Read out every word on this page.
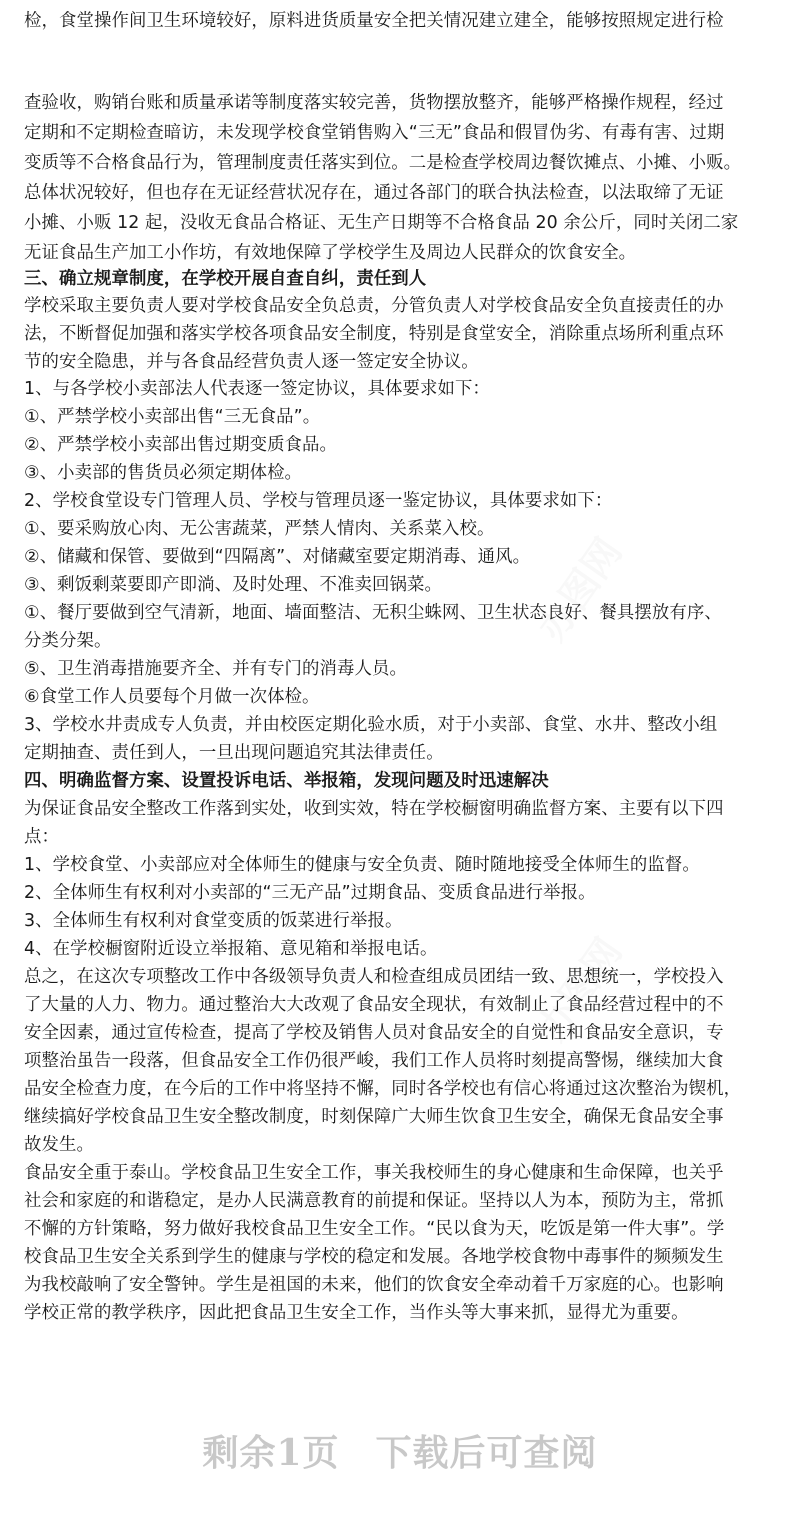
办图网
办图网
检，食堂操作间卫生环境较好，原料进货质量安全把关情况建立建全，能够按照规定进行检
查验收，购销台账和质量承诺等制度落实较完善，货物摆放整齐，能够严格操作规程，经过
定期和不定期检查暗访，未发现学校食堂销售购入“三无”食品和假冒伪劣、有毒有害、过期
变质等不合格食品行为，管理制度责任落实到位。二是检查学校周边餐饮摊点、小摊、小贩。
总体状况较好，但也存在无证经营状况存在，通过各部门的联合执法检查，以法取缔了无证
小摊、小贩 12 起，没收无食品合格证、无生产日期等不合格食品 20 余公斤，同时关闭二家
无证食品生产加工小作坊，有效地保障了学校学生及周边人民群众的饮食安全。
三、确立规章制度，在学校开展自查自纠，责任到人
学校采取主要负责人要对学校食品安全负总责，分管负责人对学校食品安全负直接责任的办
法，不断督促加强和落实学校各项食品安全制度，特别是食堂安全，消除重点场所利重点环
节的安全隐患，并与各食品经营负责人逐一签定安全协议。
1、与各学校小卖部法人代表逐一签定协议，具体要求如下：
①、严禁学校小卖部出售“三无食品”。
②、严禁学校小卖部出售过期变质食品。
③、小卖部的售货员必须定期体检。
2、学校食堂设专门管理人员、学校与管理员逐一鉴定协议，具体要求如下：
①、要采购放心肉、无公害蔬菜，严禁人情肉、关系菜入校。
②、储藏和保管、要做到“四隔离”、对储藏室要定期消毒、通风。
③、剩饭剩菜要即产即淌、及时处理、不准卖回锅菜。
①、餐厅要做到空气清新，地面、墙面整洁、无积尘蛛网、卫生状态良好、餐具摆放有序、
分类分架。
⑤、卫生消毒措施要齐全、并有专门的消毒人员。
⑥食堂工作人员要每个月做一次体检。
3、学校水井责成专人负责，并由校医定期化验水质，对于小卖部、食堂、水井、整改小组
定期抽查、责任到人，一旦出现问题追究其法律责任。
四、明确监督方案、设置投诉电话、举报箱，发现问题及时迅速解决
为保证食品安全整改工作落到实处，收到实效，特在学校橱窗明确监督方案、主要有以下四
点：
1、学校食堂、小卖部应对全体师生的健康与安全负责、随时随地接受全体师生的监督。
2、全体师生有权利对小卖部的“三无产品”过期食品、变质食品进行举报。
3、全体师生有权利对食堂变质的饭菜进行举报。
4、在学校橱窗附近设立举报箱、意见箱和举报电话。
总之，在这次专项整改工作中各级领导负责人和检查组成员团结一致、思想统一，学校投入
了大量的人力、物力。通过整治大大改观了食品安全现状，有效制止了食品经营过程中的不
安全因素，通过宣传检查，提高了学校及销售人员对食品安全的自觉性和食品安全意识，专
项整治虽告一段落，但食品安全工作仍很严峻，我们工作人员将时刻提高警惕，继续加大食
品安全检查力度，在今后的工作中将坚持不懈，同时各学校也有信心将通过这次整治为锲机，
继续搞好学校食品卫生安全整改制度，时刻保障广大师生饮食卫生安全，确保无食品安全事
故发生。
食品安全重于泰山。学校食品卫生安全工作，事关我校师生的身心健康和生命保障，也关乎
社会和家庭的和谐稳定，是办人民满意教育的前提和保证。坚持以人为本，预防为主，常抓
不懈的方针策略，努力做好我校食品卫生安全工作。“民以食为天，吃饭是第一件大事”。学
校食品卫生安全关系到学生的健康与学校的稳定和发展。各地学校食物中毒事件的频频发生
为我校敲响了安全警钟。学生是祖国的未来，他们的饮食安全牵动着千万家庭的心。也影响
学校正常的教学秩序，因此把食品卫生安全工作，当作头等大事来抓，显得尤为重要。
剩余1页 下载后可查阅
